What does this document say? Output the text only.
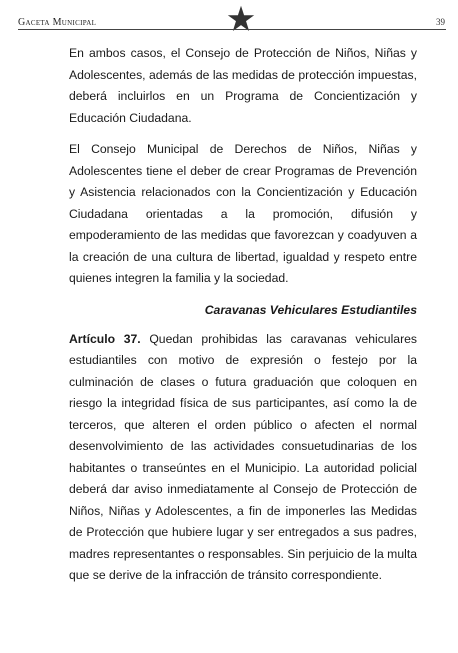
Gaceta Municipal	39

En ambos casos, el Consejo de Protección de Niños, Niñas y Adolescentes, además de las medidas de protección impuestas, deberá incluirlos en un Programa de Concientización y Educación Ciudadana.

El Consejo Municipal de Derechos de Niños, Niñas y Adolescentes tiene el deber de crear Programas de Prevención y Asistencia relacionados con la Concientización y Educación Ciudadana orientadas a la promoción, difusión y empoderamiento de las medidas que favorezcan y coadyuven a la creación de una cultura de libertad, igualdad y respeto entre quienes integren la familia y la sociedad.

Caravanas Vehiculares Estudiantiles

Artículo 37. Quedan prohibidas las caravanas vehiculares estudiantiles con motivo de expresión o festejo por la culminación de clases o futura graduación que coloquen en riesgo la integridad física de sus participantes, así como la de terceros, que alteren el orden público o afecten el normal desenvolvimiento de las actividades consuetudinarias de los habitantes o transeúntes en el Municipio. La autoridad policial deberá dar aviso inmediatamente al Consejo de Protección de Niños, Niñas y Adolescentes, a fin de imponerles las Medidas de Protección que hubiere lugar y ser entregados a sus padres, madres representantes o responsables. Sin perjuicio de la multa que se derive de la infracción de tránsito correspondiente.
